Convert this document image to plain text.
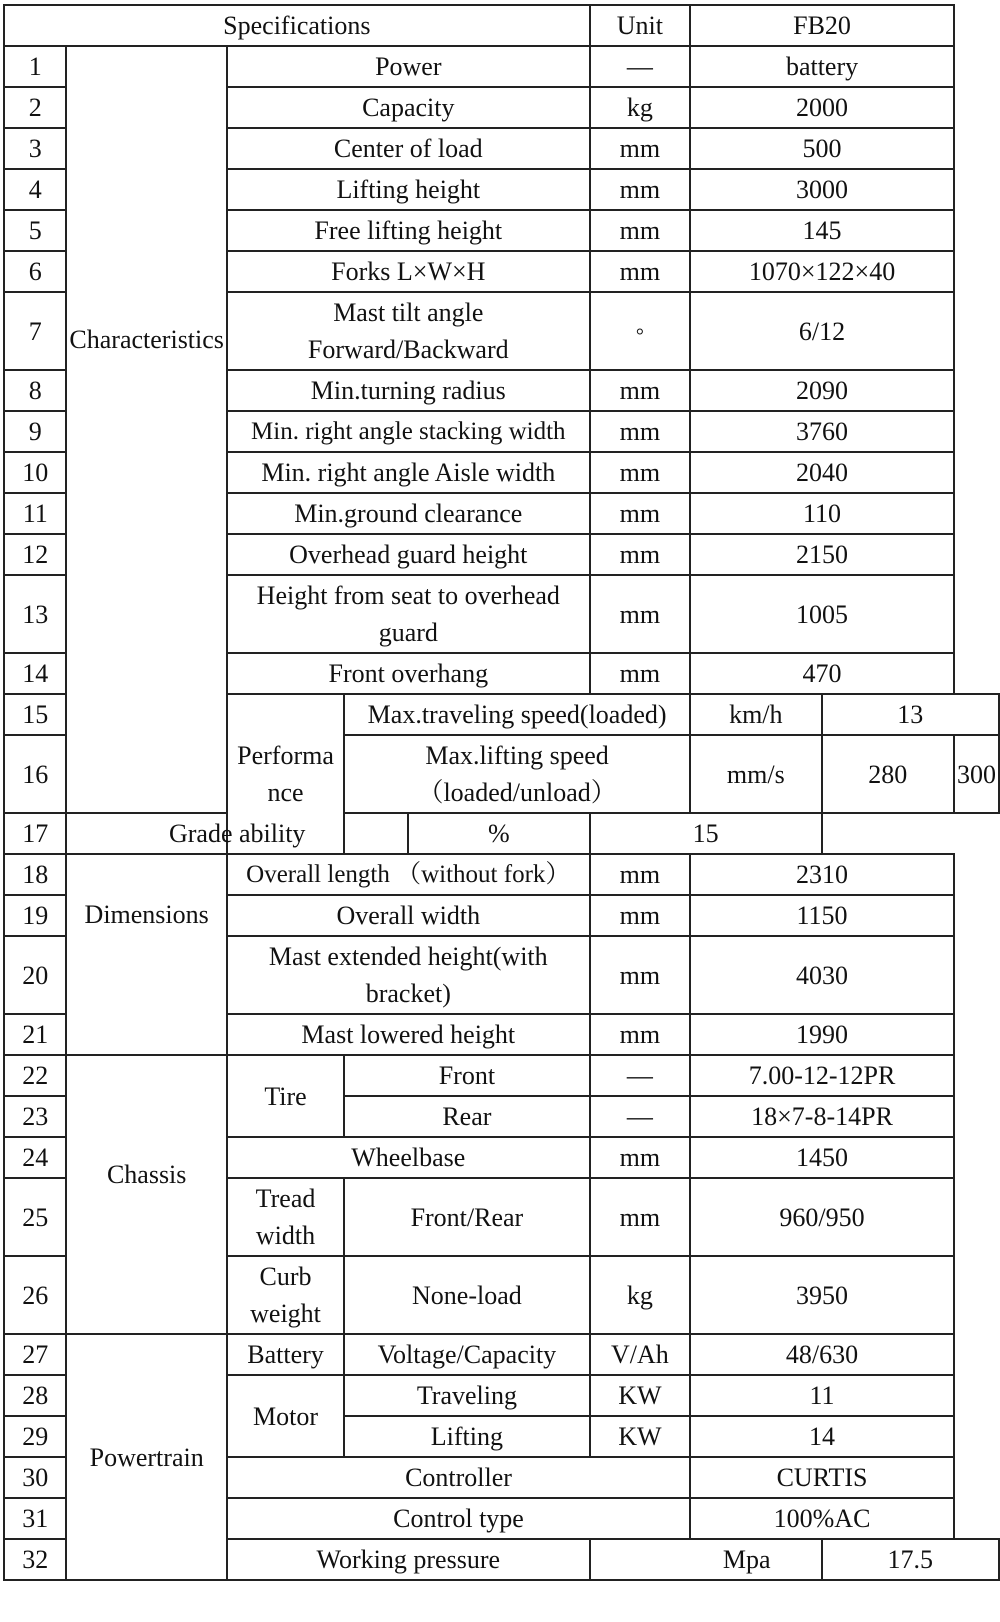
Specifications					Unit	FB20		
1	Characteristics	Power			—	battery		
2		Capacity			kg	2000		
3		Center of load			mm	500		
4		Lifting height			mm	3000		
5		Free lifting height			mm	145		
6		Forks L×W×H			mm	1070×122×40		
7		Mast tilt angle Forward/Backward			°	6/12		
8		Min.turning radius			mm	2090		
9		Min. right angle stacking width			mm	3760		
10		Min. right angle Aisle width			mm	2040		
11		Min.ground clearance			mm	110		
12		Overhead guard height			mm	2150		
13		Height from seat to overhead guard			mm	1005		
14		Front overhang			mm	470		
15		Performance	Max.traveling speed(loaded)			km/h	13	
16			Max.lifting speed（loaded/unload）			mm/s	280	300
17	Grade ability			%	15			
18	Dimensions	Overall length （without fork）			mm	2310		
19		Overall width			mm	1150		
20		Mast extended height(with bracket)			mm	4030		
21		Mast lowered height			mm	1990		
22	Chassis	Tire	Front		—	7.00-12-12PR		
23			Rear		—	18×7-8-14PR		
24		Wheelbase			mm	1450		
25		Tread width	Front/Rear		mm	960/950		
26		Curb weight	None-load		kg	3950		
27	Powertrain	Battery	Voltage/Capacity		V/Ah	48/630		
28		Motor	Traveling		KW	11		
29			Lifting		KW	14		
30		Controller				CURTIS		
31		Control type				100%AC		
32		Working pressure			Mpa		17.5	
